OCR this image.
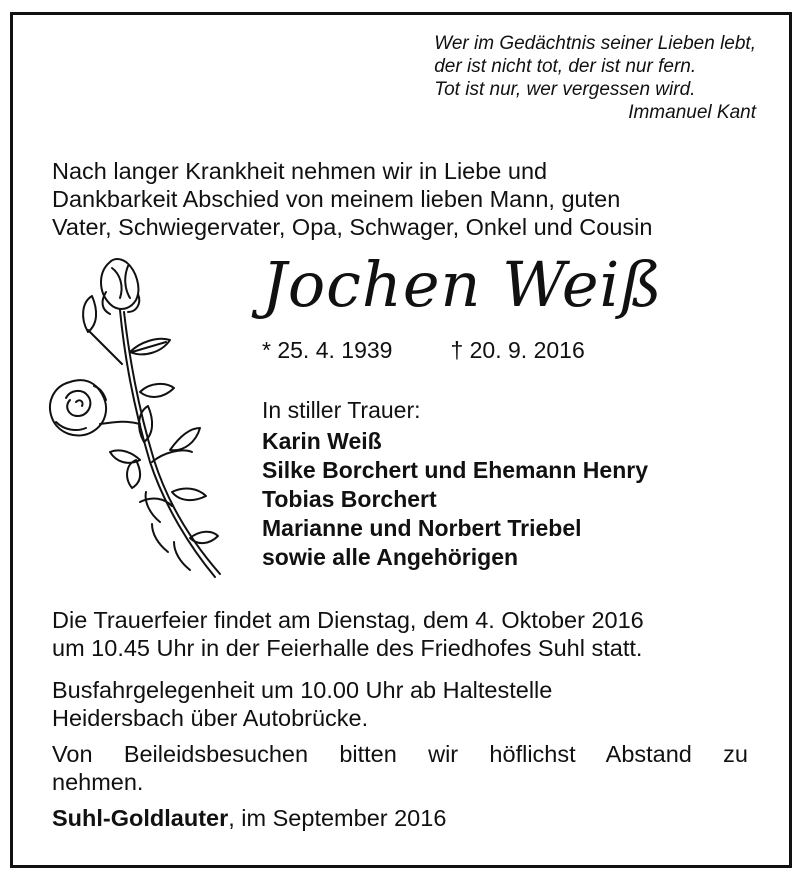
Wer im Gedächtnis seiner Lieben lebt,
der ist nicht tot, der ist nur fern.
Tot ist nur, wer vergessen wird.
Immanuel Kant
Nach langer Krankheit nehmen wir in Liebe und
Dankbarkeit Abschied von meinem lieben Mann, guten
Vater, Schwiegervater, Opa, Schwager, Onkel und Cousin
Jochen Weiß
* 25. 4. 1939	† 20. 9. 2016
In stiller Trauer:
Karin Weiß
Silke Borchert und Ehemann Henry
Tobias Borchert
Marianne und Norbert Triebel
sowie alle Angehörigen
Die Trauerfeier findet am Dienstag, dem 4. Oktober 2016
um 10.45 Uhr in der Feierhalle des Friedhofes Suhl statt.
Busfahrgelegenheit um 10.00 Uhr ab Haltestelle
Heidersbach über Autobrücke.
Von Beileidsbesuchen bitten wir höflichst Abstand zu
nehmen.
Suhl-Goldlauter, im September 2016
